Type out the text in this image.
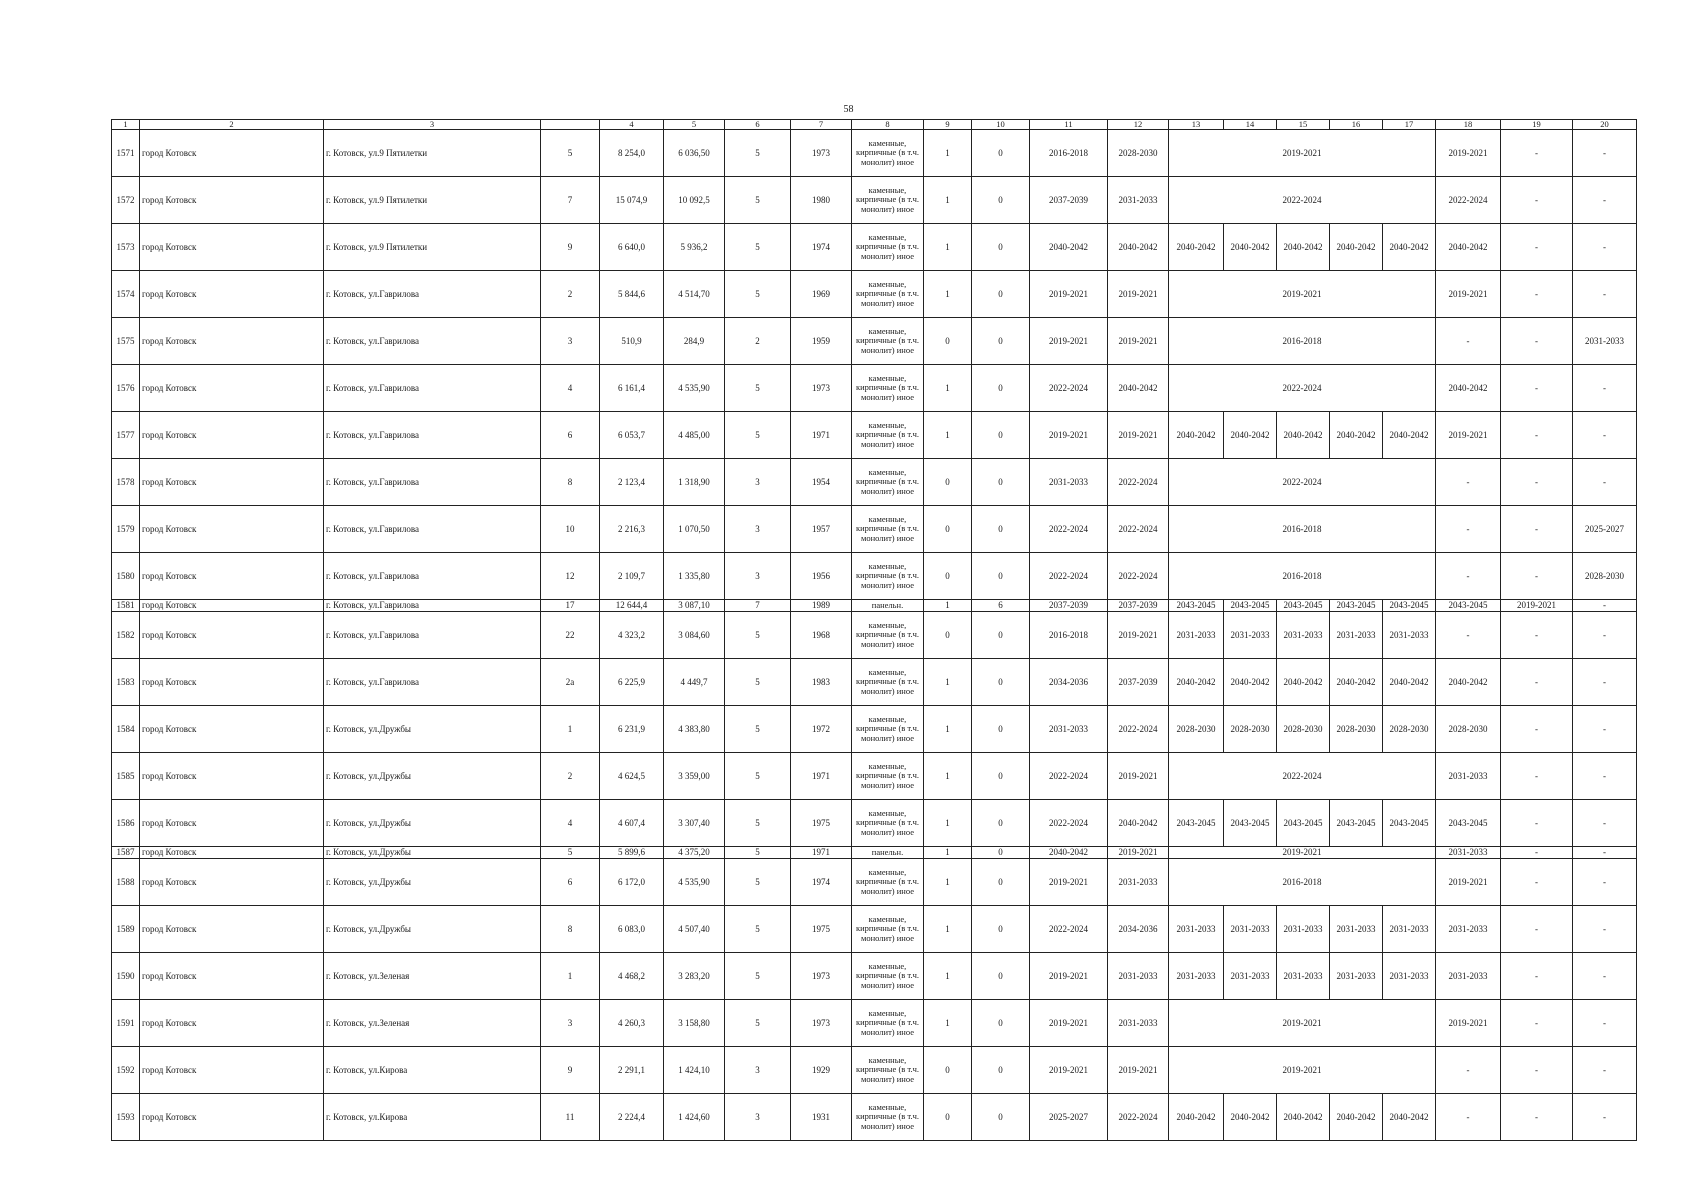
58
1	2	3		4	5	6	7	8	9	10	11	12	13	14	15	16	17	18	19	20
1571	город Котовск	г. Котовск, ул.9 Пятилетки	5	8 254,0	6 036,50	5	1973	каменные, кирпичные (в т.ч. монолит) иное	1	0	2016-2018	2028-2030	2019-2021					2019-2021	-	-
1572	город Котовск	г. Котовск, ул.9 Пятилетки	7	15 074,9	10 092,5	5	1980	каменные, кирпичные (в т.ч. монолит) иное	1	0	2037-2039	2031-2033	2022-2024					2022-2024	-	-
1573	город Котовск	г. Котовск, ул.9 Пятилетки	9	6 640,0	5 936,2	5	1974	каменные, кирпичные (в т.ч. монолит) иное	1	0	2040-2042	2040-2042	2040-2042	2040-2042	2040-2042	2040-2042	2040-2042	2040-2042	-	-
1574	город Котовск	г. Котовск, ул.Гаврилова	2	5 844,6	4 514,70	5	1969	каменные, кирпичные (в т.ч. монолит) иное	1	0	2019-2021	2019-2021	2019-2021					2019-2021	-	-
1575	город Котовск	г. Котовск, ул.Гаврилова	3	510,9	284,9	2	1959	каменные, кирпичные (в т.ч. монолит) иное	0	0	2019-2021	2019-2021	2016-2018					-	-	2031-2033
1576	город Котовск	г. Котовск, ул.Гаврилова	4	6 161,4	4 535,90	5	1973	каменные, кирпичные (в т.ч. монолит) иное	1	0	2022-2024	2040-2042	2022-2024					2040-2042	-	-
1577	город Котовск	г. Котовск, ул.Гаврилова	6	6 053,7	4 485,00	5	1971	каменные, кирпичные (в т.ч. монолит) иное	1	0	2019-2021	2019-2021	2040-2042	2040-2042	2040-2042	2040-2042	2040-2042	2019-2021	-	-
1578	город Котовск	г. Котовск, ул.Гаврилова	8	2 123,4	1 318,90	3	1954	каменные, кирпичные (в т.ч. монолит) иное	0	0	2031-2033	2022-2024	2022-2024					-	-	-
1579	город Котовск	г. Котовск, ул.Гаврилова	10	2 216,3	1 070,50	3	1957	каменные, кирпичные (в т.ч. монолит) иное	0	0	2022-2024	2022-2024	2016-2018					-	-	2025-2027
1580	город Котовск	г. Котовск, ул.Гаврилова	12	2 109,7	1 335,80	3	1956	каменные, кирпичные (в т.ч. монолит) иное	0	0	2022-2024	2022-2024	2016-2018					-	-	2028-2030
1581	город Котовск	г. Котовск, ул.Гаврилова	17	12 644,4	3 087,10	7	1989	панельн.	1	6	2037-2039	2037-2039	2043-2045	2043-2045	2043-2045	2043-2045	2043-2045	2043-2045	2019-2021	-
1582	город Котовск	г. Котовск, ул.Гаврилова	22	4 323,2	3 084,60	5	1968	каменные, кирпичные (в т.ч. монолит) иное	0	0	2016-2018	2019-2021	2031-2033	2031-2033	2031-2033	2031-2033	2031-2033	-	-	-
1583	город Котовск	г. Котовск, ул.Гаврилова	2а	6 225,9	4 449,7	5	1983	каменные, кирпичные (в т.ч. монолит) иное	1	0	2034-2036	2037-2039	2040-2042	2040-2042	2040-2042	2040-2042	2040-2042	2040-2042	-	-
1584	город Котовск	г. Котовск, ул.Дружбы	1	6 231,9	4 383,80	5	1972	каменные, кирпичные (в т.ч. монолит) иное	1	0	2031-2033	2022-2024	2028-2030	2028-2030	2028-2030	2028-2030	2028-2030	2028-2030	-	-
1585	город Котовск	г. Котовск, ул.Дружбы	2	4 624,5	3 359,00	5	1971	каменные, кирпичные (в т.ч. монолит) иное	1	0	2022-2024	2019-2021	2022-2024					2031-2033	-	-
1586	город Котовск	г. Котовск, ул.Дружбы	4	4 607,4	3 307,40	5	1975	каменные, кирпичные (в т.ч. монолит) иное	1	0	2022-2024	2040-2042	2043-2045	2043-2045	2043-2045	2043-2045	2043-2045	2043-2045	-	-
1587	город Котовск	г. Котовск, ул.Дружбы	5	5 899,6	4 375,20	5	1971	панельн.	1	0	2040-2042	2019-2021	2019-2021					2031-2033	-	-
1588	город Котовск	г. Котовск, ул.Дружбы	6	6 172,0	4 535,90	5	1974	каменные, кирпичные (в т.ч. монолит) иное	1	0	2019-2021	2031-2033	2016-2018					2019-2021	-	-
1589	город Котовск	г. Котовск, ул.Дружбы	8	6 083,0	4 507,40	5	1975	каменные, кирпичные (в т.ч. монолит) иное	1	0	2022-2024	2034-2036	2031-2033	2031-2033	2031-2033	2031-2033	2031-2033	2031-2033	-	-
1590	город Котовск	г. Котовск, ул.Зеленая	1	4 468,2	3 283,20	5	1973	каменные, кирпичные (в т.ч. монолит) иное	1	0	2019-2021	2031-2033	2031-2033	2031-2033	2031-2033	2031-2033	2031-2033	2031-2033	-	-
1591	город Котовск	г. Котовск, ул.Зеленая	3	4 260,3	3 158,80	5	1973	каменные, кирпичные (в т.ч. монолит) иное	1	0	2019-2021	2031-2033	2019-2021					2019-2021	-	-
1592	город Котовск	г. Котовск, ул.Кирова	9	2 291,1	1 424,10	3	1929	каменные, кирпичные (в т.ч. монолит) иное	0	0	2019-2021	2019-2021	2019-2021					-	-	-
1593	город Котовск	г. Котовск, ул.Кирова	11	2 224,4	1 424,60	3	1931	каменные, кирпичные (в т.ч. монолит) иное	0	0	2025-2027	2022-2024	2040-2042	2040-2042	2040-2042	2040-2042	2040-2042	-	-	-
